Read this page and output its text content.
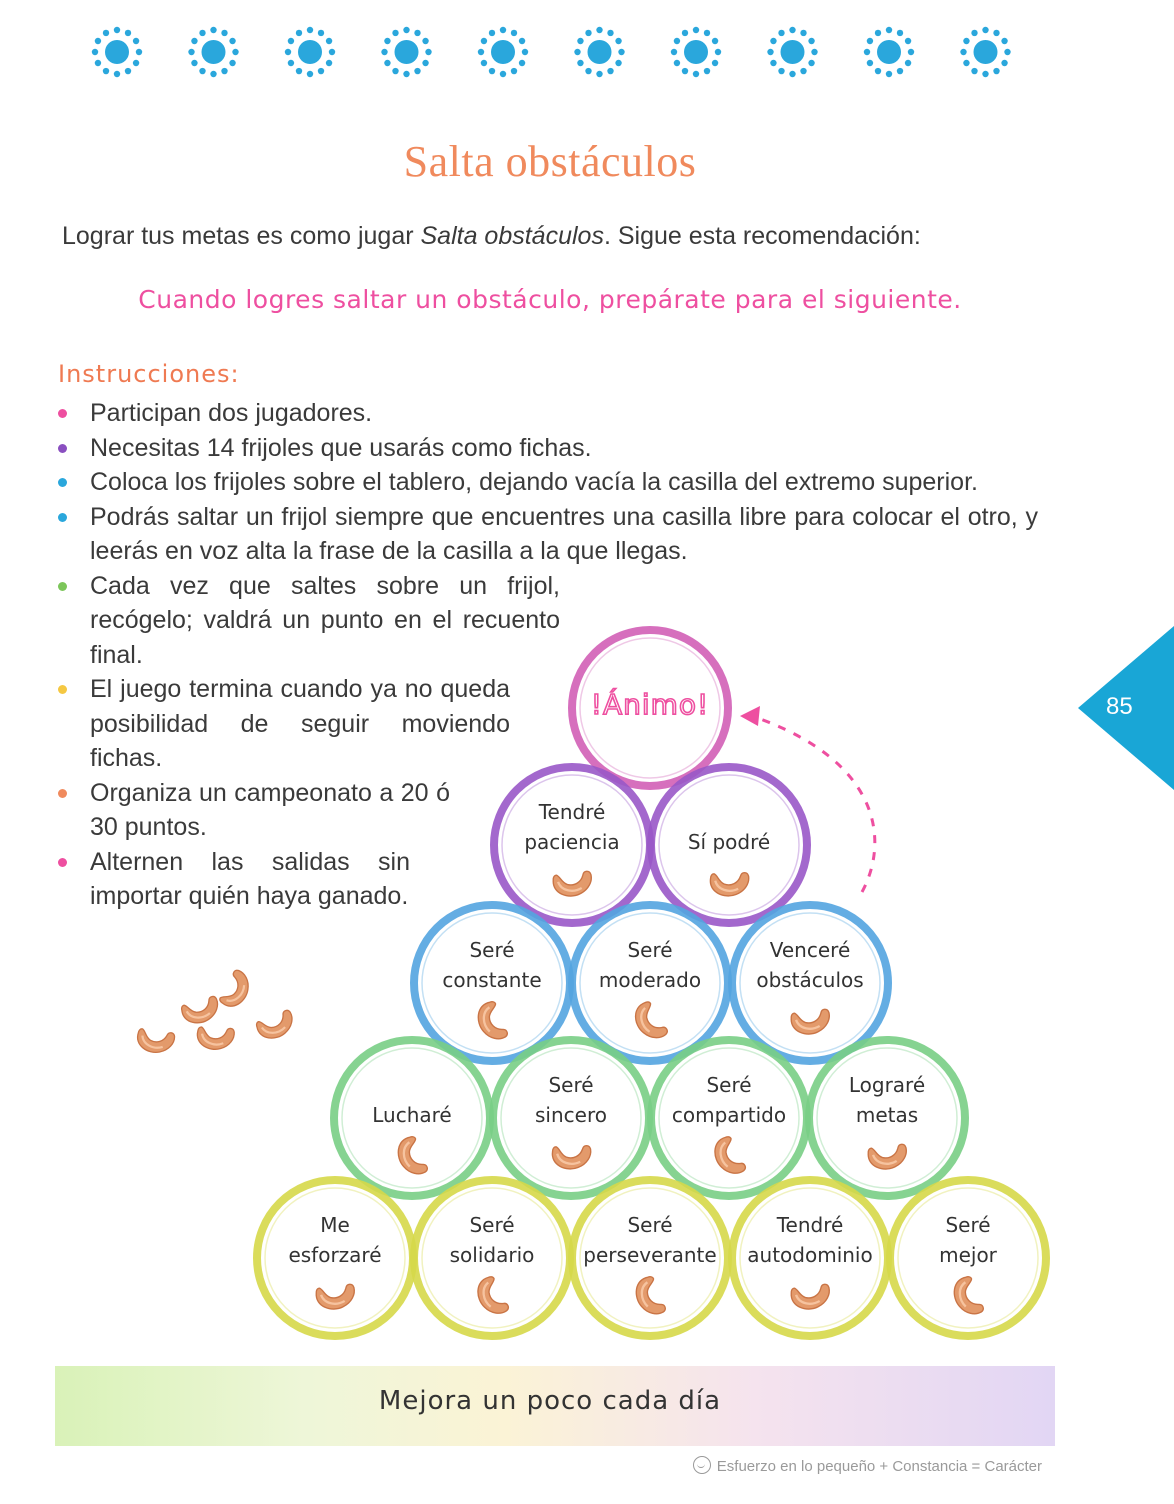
Salta obstáculos
Lograr tus metas es como jugar Salta obstáculos. Sigue esta recomendación:
Cuando logres saltar un obstáculo, prepárate para el siguiente.
Instrucciones:
Participan dos jugadores.
Necesitas 14 frijoles que usarás como fichas.
Coloca los frijoles sobre el tablero, dejando vacía la casilla del extremo superior.
Podrás saltar un frijol siempre que encuentres una casilla libre para colocar el otro, y leerás en voz alta la frase de la casilla a la que llegas.
Cada vez que saltes sobre un frijol, recógelo; valdrá un punto en el recuento final.
El juego termina cuando ya no queda posibilidad de seguir moviendo fichas.
Organiza un campeonato a 20 ó 30 puntos.
Alternen las salidas sin importar quién haya ganado.
85
Tendré
paciencia	Sí podré
Seré
constante
Seré
moderado
Venceré
obstáculos
Lucharé
Seré
sincero
Seré
compartido
Lograré
metas
Me
esforzaré
Seré
solidario
Seré
perseverante
Tendré
autodominio
Seré
mejor
!Ánimo!
Mejora un poco cada día
Esfuerzo en lo pequeño + Constancia = Carácter
